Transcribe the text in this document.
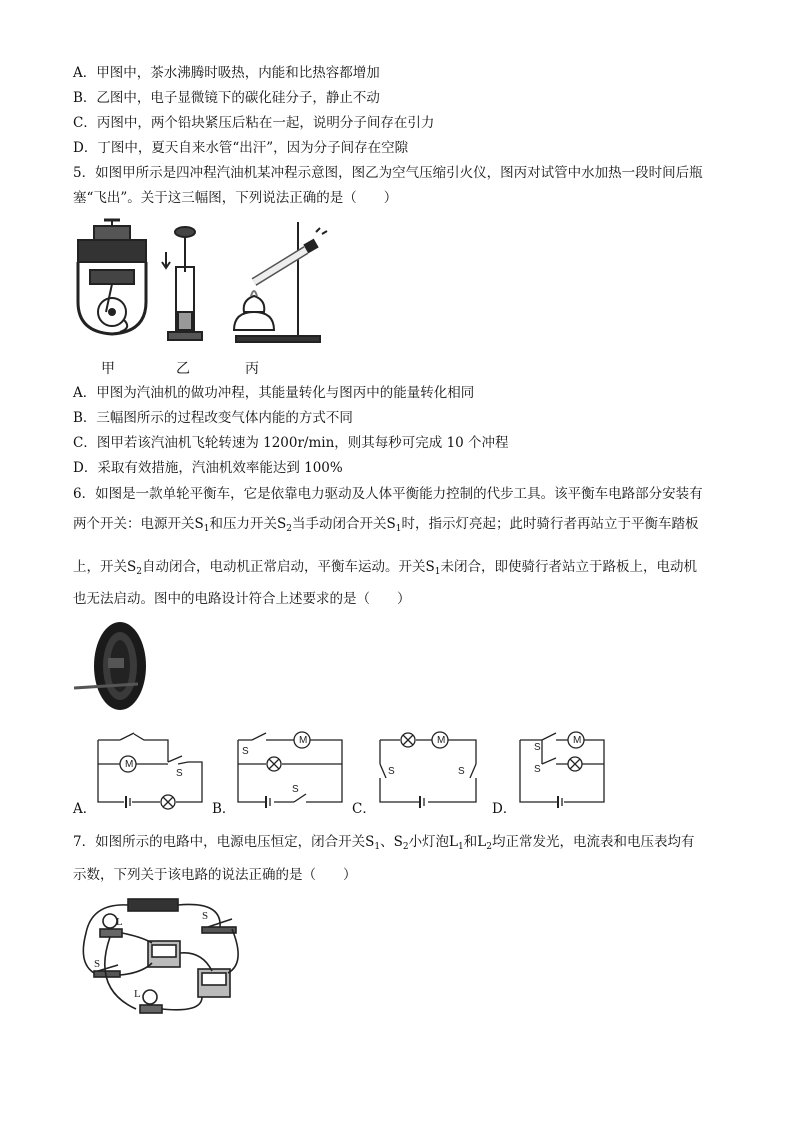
A．甲图中，茶水沸腾时吸热，内能和比热容都增加
B．乙图中，电子显微镜下的碳化硅分子，静止不动
C．丙图中，两个铅块紧压后粘在一起，说明分子间存在引力
D．丁图中，夏天自来水管“出汗”，因为分子间存在空隙
5．如图甲所示是四冲程汽油机某冲程示意图，图乙为空气压缩引火仪，图丙对试管中水加热一段时间后瓶
塞“飞出”。关于这三幅图，下列说法正确的是（　　）
甲	乙	丙
A．甲图为汽油机的做功冲程，其能量转化与图丙中的能量转化相同
B．三幅图所示的过程改变气体内能的方式不同
C．图甲若该汽油机飞轮转速为 1200r/min，则其每秒可完成 10 个冲程
D．采取有效措施，汽油机效率能达到 100%
6．如图是一款单轮平衡车，它是依靠电力驱动及人体平衡能力控制的代步工具。该平衡车电路部分安装有
两个开关：电源开关$S_1$和压力开关$S_2$当手动闭合开关$S_1$时，指示灯亮起；此时骑行者再站立于平衡车踏板
上，开关$S_2$自动闭合，电动机正常启动，平衡车运动。开关$S_1$未闭合，即使骑行者站立于路板上，电动机
也无法启动。图中的电路设计符合上述要求的是（　　）
M
S
M
S
S
M
S	S
M
S
S
A．	B．	C．	D．
7．如图所示的电路中，电源电压恒定，闭合开关$S_1$、$S_2$小灯泡$L_1$和$L_2$均正常发光，电流表和电压表均有
示数，下列关于该电路的说法正确的是（　　）
L
L
S
S
